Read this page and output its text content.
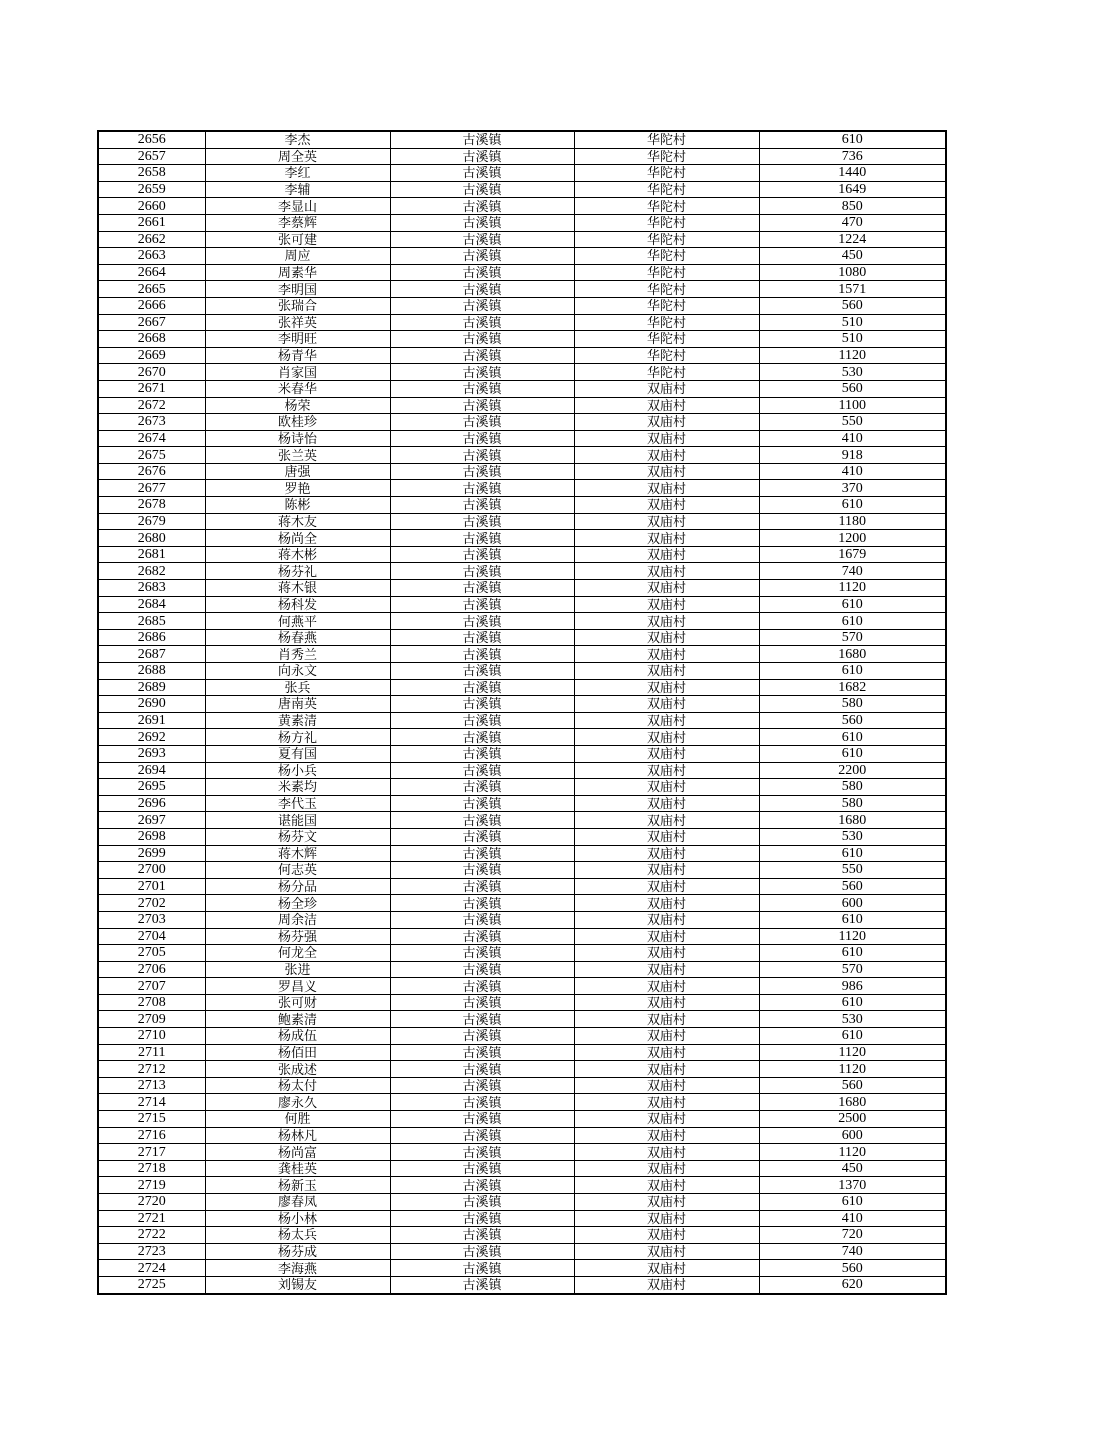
2656	李杰	古溪镇	华陀村	610
2657	周全英	古溪镇	华陀村	736
2658	李红	古溪镇	华陀村	1440
2659	李辅	古溪镇	华陀村	1649
2660	李显山	古溪镇	华陀村	850
2661	李蔡辉	古溪镇	华陀村	470
2662	张可建	古溪镇	华陀村	1224
2663	周应	古溪镇	华陀村	450
2664	周素华	古溪镇	华陀村	1080
2665	李明国	古溪镇	华陀村	1571
2666	张瑞合	古溪镇	华陀村	560
2667	张祥英	古溪镇	华陀村	510
2668	李明旺	古溪镇	华陀村	510
2669	杨青华	古溪镇	华陀村	1120
2670	肖家国	古溪镇	华陀村	530
2671	米春华	古溪镇	双庙村	560
2672	杨荣	古溪镇	双庙村	1100
2673	欧桂珍	古溪镇	双庙村	550
2674	杨诗怡	古溪镇	双庙村	410
2675	张兰英	古溪镇	双庙村	918
2676	唐强	古溪镇	双庙村	410
2677	罗艳	古溪镇	双庙村	370
2678	陈彬	古溪镇	双庙村	610
2679	蒋木友	古溪镇	双庙村	1180
2680	杨尚全	古溪镇	双庙村	1200
2681	蒋木彬	古溪镇	双庙村	1679
2682	杨芬礼	古溪镇	双庙村	740
2683	蒋木银	古溪镇	双庙村	1120
2684	杨科发	古溪镇	双庙村	610
2685	何燕平	古溪镇	双庙村	610
2686	杨春燕	古溪镇	双庙村	570
2687	肖秀兰	古溪镇	双庙村	1680
2688	向永文	古溪镇	双庙村	610
2689	张兵	古溪镇	双庙村	1682
2690	唐南英	古溪镇	双庙村	580
2691	黄素清	古溪镇	双庙村	560
2692	杨方礼	古溪镇	双庙村	610
2693	夏有国	古溪镇	双庙村	610
2694	杨小兵	古溪镇	双庙村	2200
2695	米素均	古溪镇	双庙村	580
2696	李代玉	古溪镇	双庙村	580
2697	谌能国	古溪镇	双庙村	1680
2698	杨芬文	古溪镇	双庙村	530
2699	蒋木辉	古溪镇	双庙村	610
2700	何志英	古溪镇	双庙村	550
2701	杨分品	古溪镇	双庙村	560
2702	杨全珍	古溪镇	双庙村	600
2703	周余洁	古溪镇	双庙村	610
2704	杨芬强	古溪镇	双庙村	1120
2705	何龙全	古溪镇	双庙村	610
2706	张进	古溪镇	双庙村	570
2707	罗昌义	古溪镇	双庙村	986
2708	张可财	古溪镇	双庙村	610
2709	鲍素清	古溪镇	双庙村	530
2710	杨成伍	古溪镇	双庙村	610
2711	杨佰田	古溪镇	双庙村	1120
2712	张成述	古溪镇	双庙村	1120
2713	杨太付	古溪镇	双庙村	560
2714	廖永久	古溪镇	双庙村	1680
2715	何胜	古溪镇	双庙村	2500
2716	杨林凡	古溪镇	双庙村	600
2717	杨尚富	古溪镇	双庙村	1120
2718	龚桂英	古溪镇	双庙村	450
2719	杨新玉	古溪镇	双庙村	1370
2720	廖春凤	古溪镇	双庙村	610
2721	杨小林	古溪镇	双庙村	410
2722	杨太兵	古溪镇	双庙村	720
2723	杨芬成	古溪镇	双庙村	740
2724	李海燕	古溪镇	双庙村	560
2725	刘锡友	古溪镇	双庙村	620
